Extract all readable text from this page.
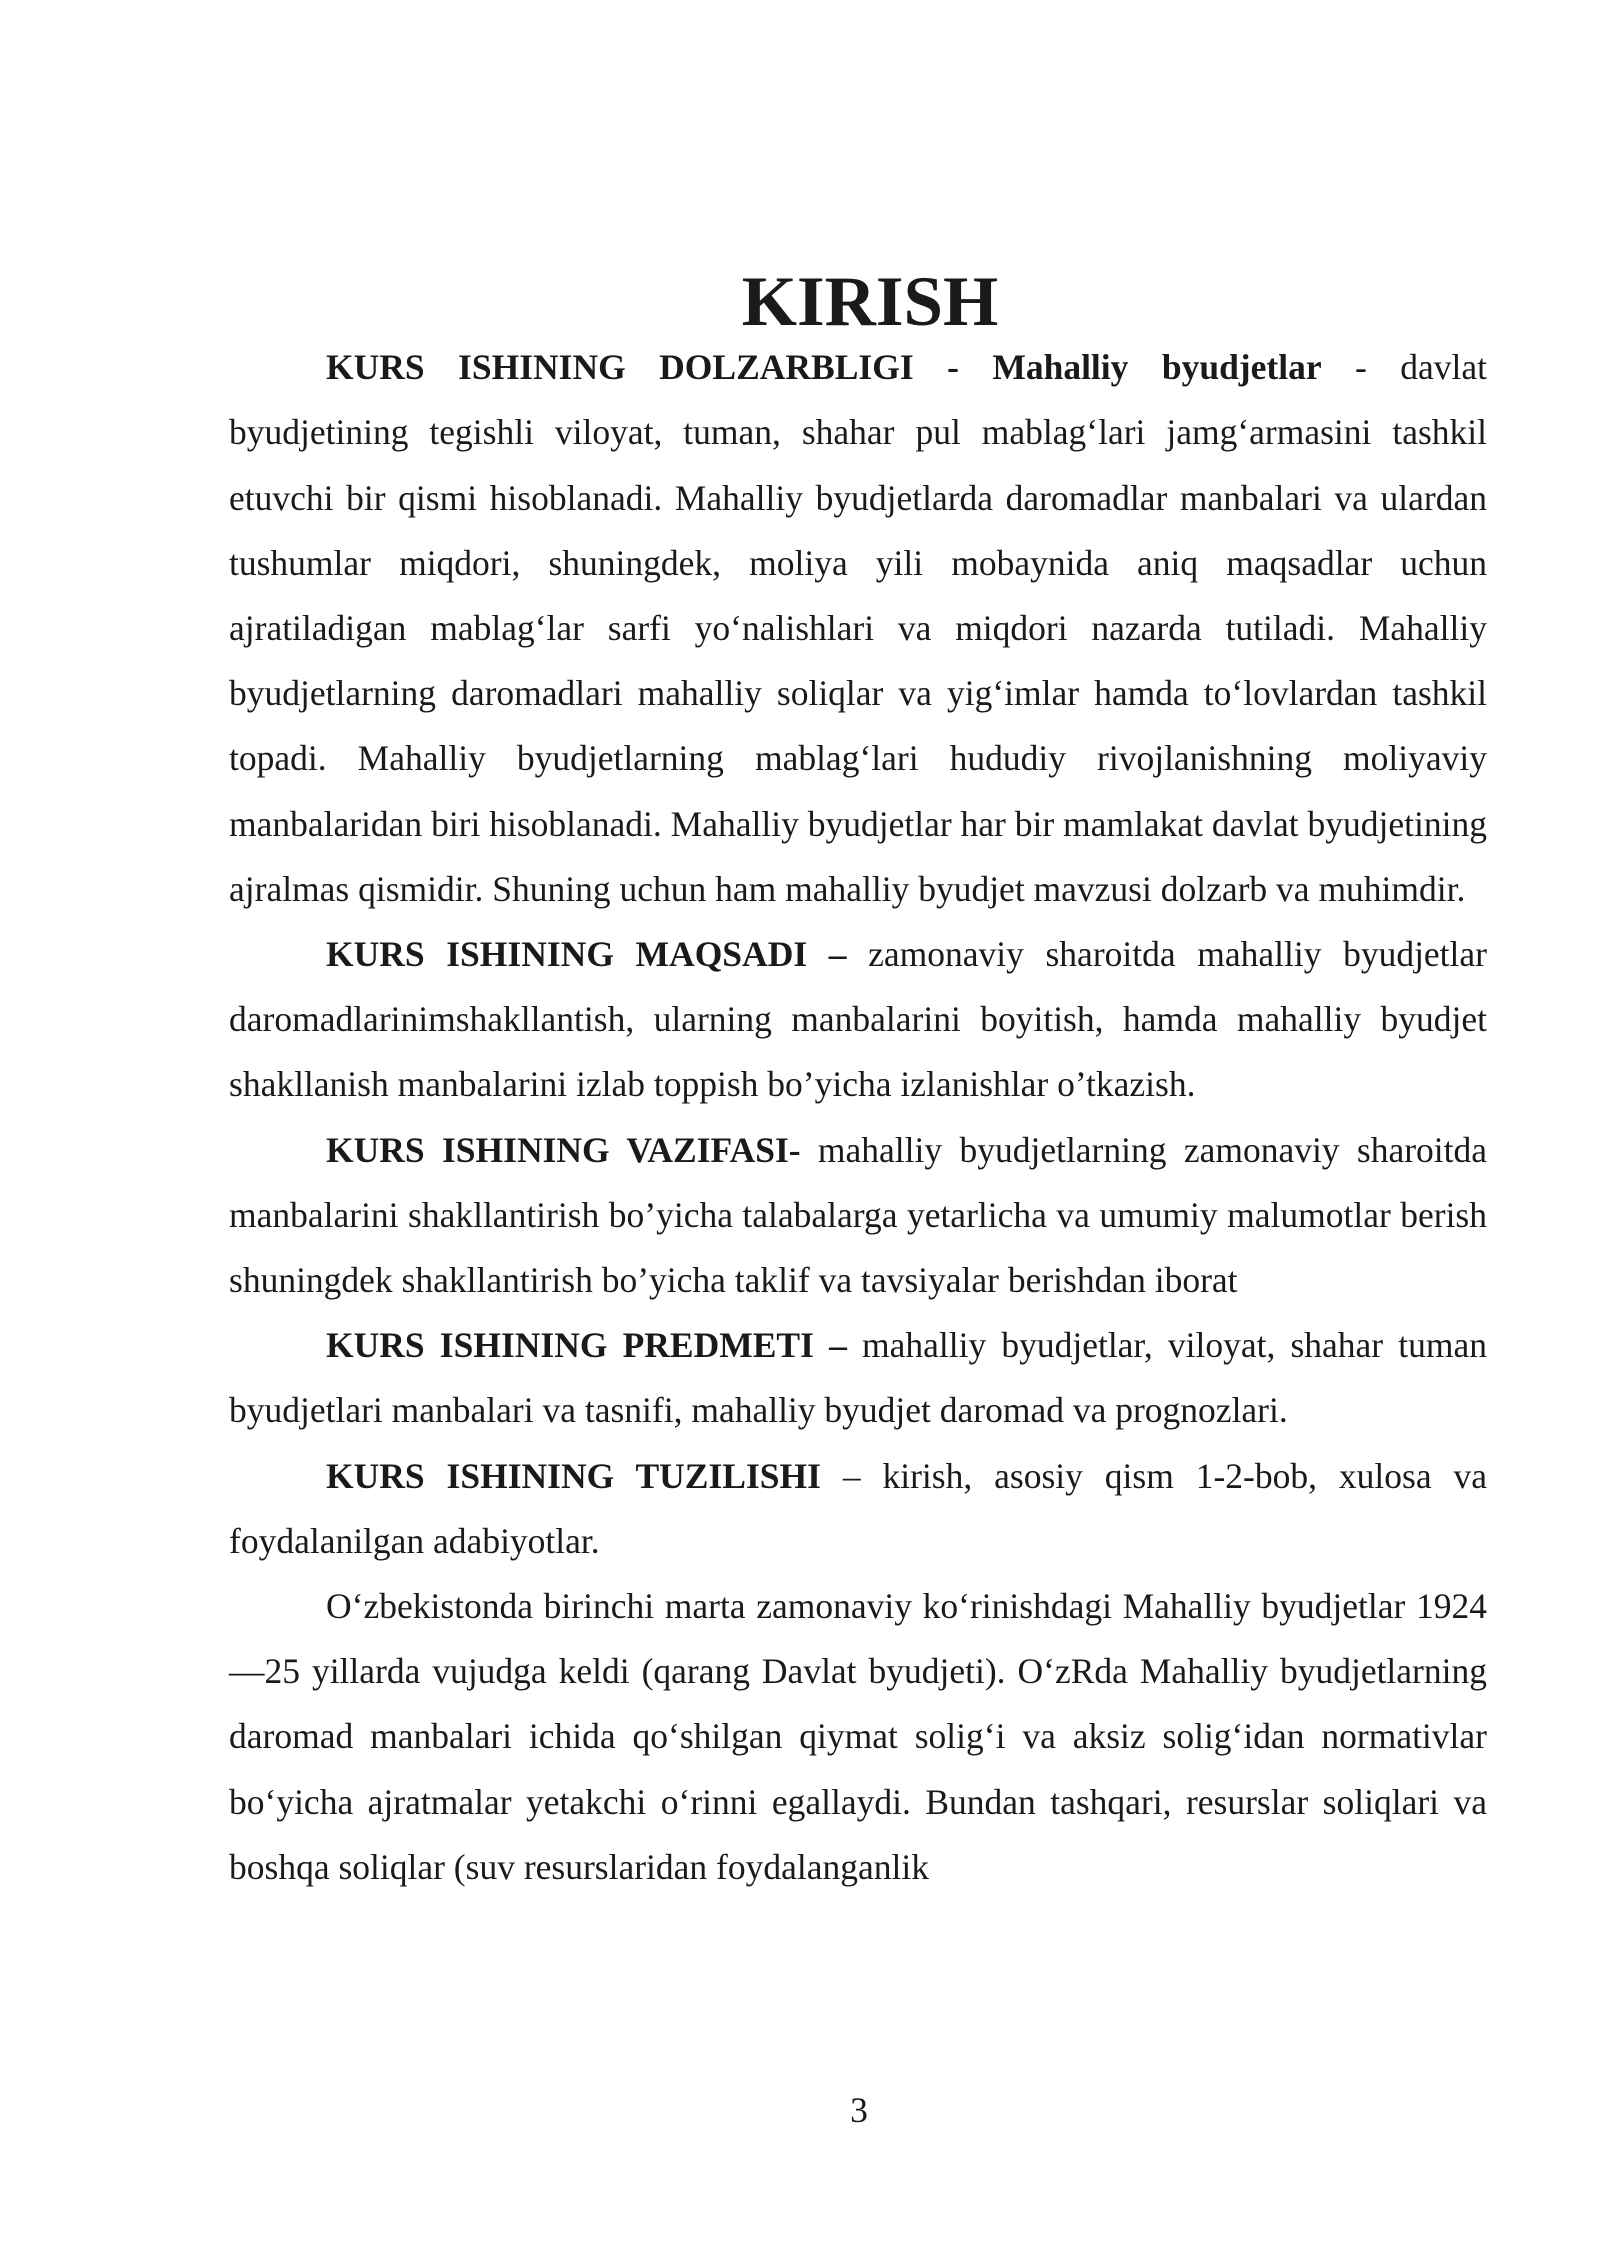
KIRISH

KURS ISHINING DOLZARBLIGI - Mahalliy byudjetlar - davlat byudjetining tegishli viloyat, tuman, shahar pul mablag‘lari jamg‘armasini tashkil etuvchi bir qismi hisoblanadi. Mahalliy byudjetlarda daromadlar manbalari va ulardan tushumlar miqdori, shuningdek, moliya yili mobaynida aniq maqsadlar uchun ajratiladigan mablag‘lar sarfi yo‘nalishlari va miqdori nazarda tutiladi. Mahalliy byudjetlarning daromadlari mahalliy soliqlar va yig‘imlar hamda to‘lovlardan tashkil topadi. Mahalliy byudjetlarning mablag‘lari hududiy rivojlanishning moliyaviy manbalaridan biri hisoblanadi. Mahalliy byudjetlar har bir mamlakat davlat byudjetining ajralmas qismidir. Shuning uchun ham mahalliy byudjet mavzusi dolzarb va muhimdir.

KURS ISHINING MAQSADI – zamonaviy sharoitda mahalliy byudjetlar daromadlarinimshakllantish, ularning manbalarini boyitish, hamda mahalliy byudjet shakllanish manbalarini izlab toppish bo’yicha izlanishlar o’tkazish.

KURS ISHINING VAZIFASI- mahalliy byudjetlarning zamonaviy sharoitda manbalarini shakllantirish bo’yicha talabalarga yetarlicha va umumiy malumotlar berish shuningdek shakllantirish bo’yicha taklif va tavsiyalar berishdan iborat

KURS ISHINING PREDMETI – mahalliy byudjetlar, viloyat, shahar tuman byudjetlari manbalari va tasnifi, mahalliy byudjet daromad va prognozlari.

KURS ISHINING TUZILISHI – kirish, asosiy qism 1-2-bob, xulosa va foydalanilgan adabiyotlar.

O‘zbekistonda birinchi marta zamonaviy ko‘rinishdagi Mahalliy byudjetlar 1924—25 yillarda vujudga keldi (qarang Davlat byudjeti). O‘zRda Mahalliy byudjetlarning daromad manbalari ichida qo‘shilgan qiymat solig‘i va aksiz solig‘idan normativlar bo‘yicha ajratmalar yetakchi o‘rinni egallaydi. Bundan tashqari, resurslar soliqlari va boshqa soliqlar (suv resurslaridan foydalanganlik

3
